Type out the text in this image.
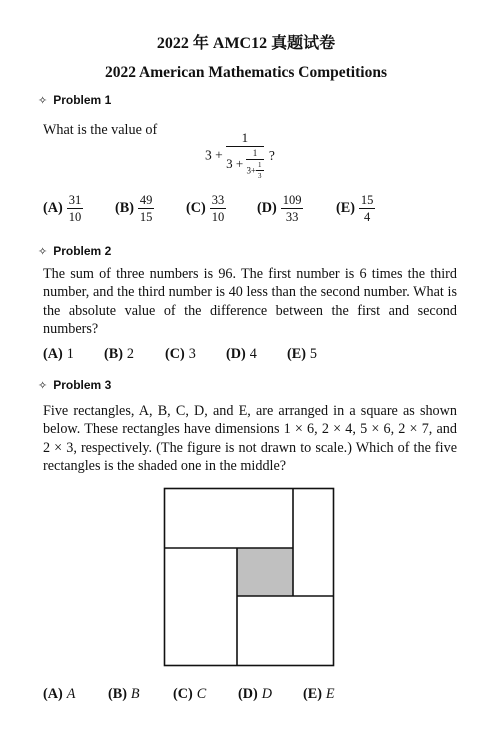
2022 年 AMC12 真题试卷
2022 American Mathematics Competitions
✧ Problem 1
What is the value of
$3 + \frac{1}{3 + \frac{1}{3+ \frac{1}{3}}}$ ?
$(A) \frac{31}{10} (B) \frac{49}{15} (C) \frac{33}{10} (D) \frac{109}{33} (E) \frac{15}{4}$
✧ Problem 2
The sum of three numbers is 96. The first number is 6 times the third number, and the third number is 40 less than the second number. What is the absolute value of the difference between the first and second numbers?
(A) 1 (B) 2 (C) 3 (D) 4 (E) 5
✧ Problem 3
Five rectangles, A, B, C, D, and E, are arranged in a square as shown below. These rectangles have dimensions 1 × 6, 2 × 4, 5 × 6, 2 × 7, and 2 × 3, respectively. (The figure is not drawn to scale.) Which of the five rectangles is the shaded one in the middle?
(A) A (B) B (C) C (D) D (E) E
